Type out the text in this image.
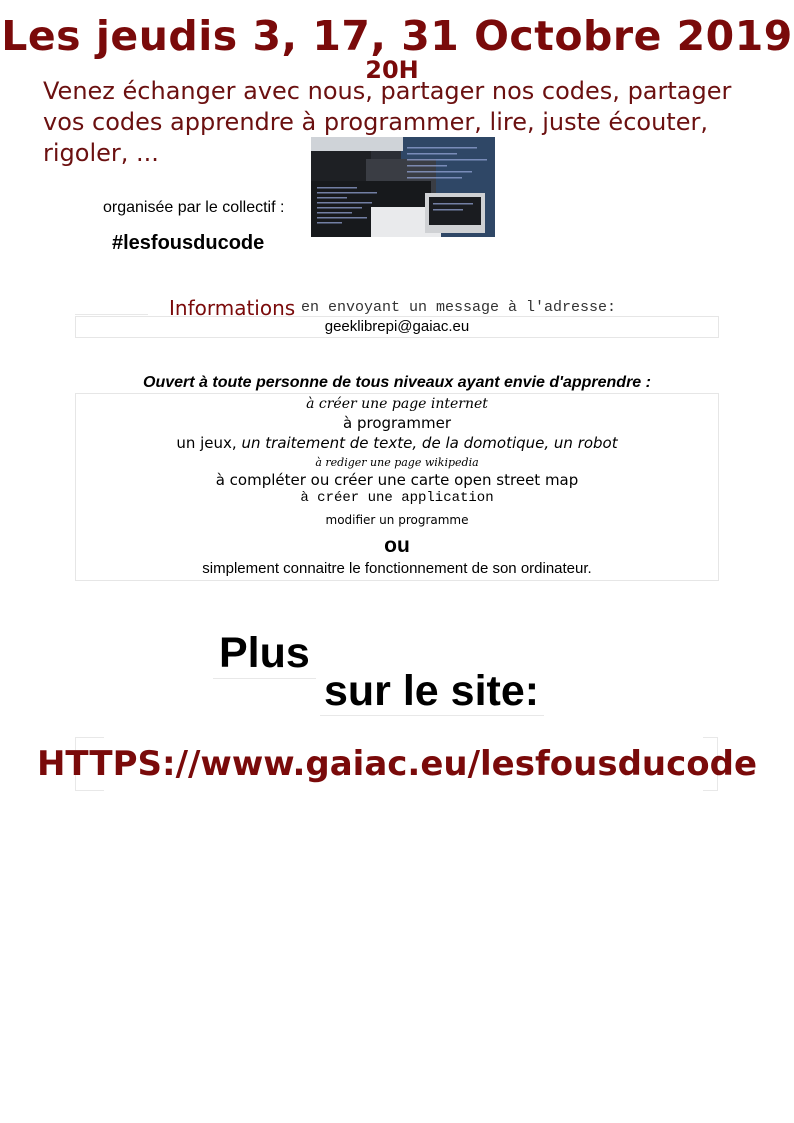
Les jeudis 3, 17, 31 Octobre 2019
20H
Venez échanger avec nous, partager nos codes, partager vos codes apprendre à programmer, lire, juste écouter, rigoler, ...
organisée par le collectif :
#lesfousducode
Informations en envoyant un message à l'adresse:
geeklibrepi@gaiac.eu
Ouvert à toute personne de tous niveaux ayant envie d'apprendre :
à créer une page internet
à programmer
un jeux, un traitement de texte, de la domotique, un robot
à rediger une page wikipedia
à compléter ou créer une carte open street map
à créer une application
modifier un programme
ou
simplement connaitre le fonctionnement de son ordinateur.
Plus
sur le site:
HTTPS://www.gaiac.eu/lesfousducode
